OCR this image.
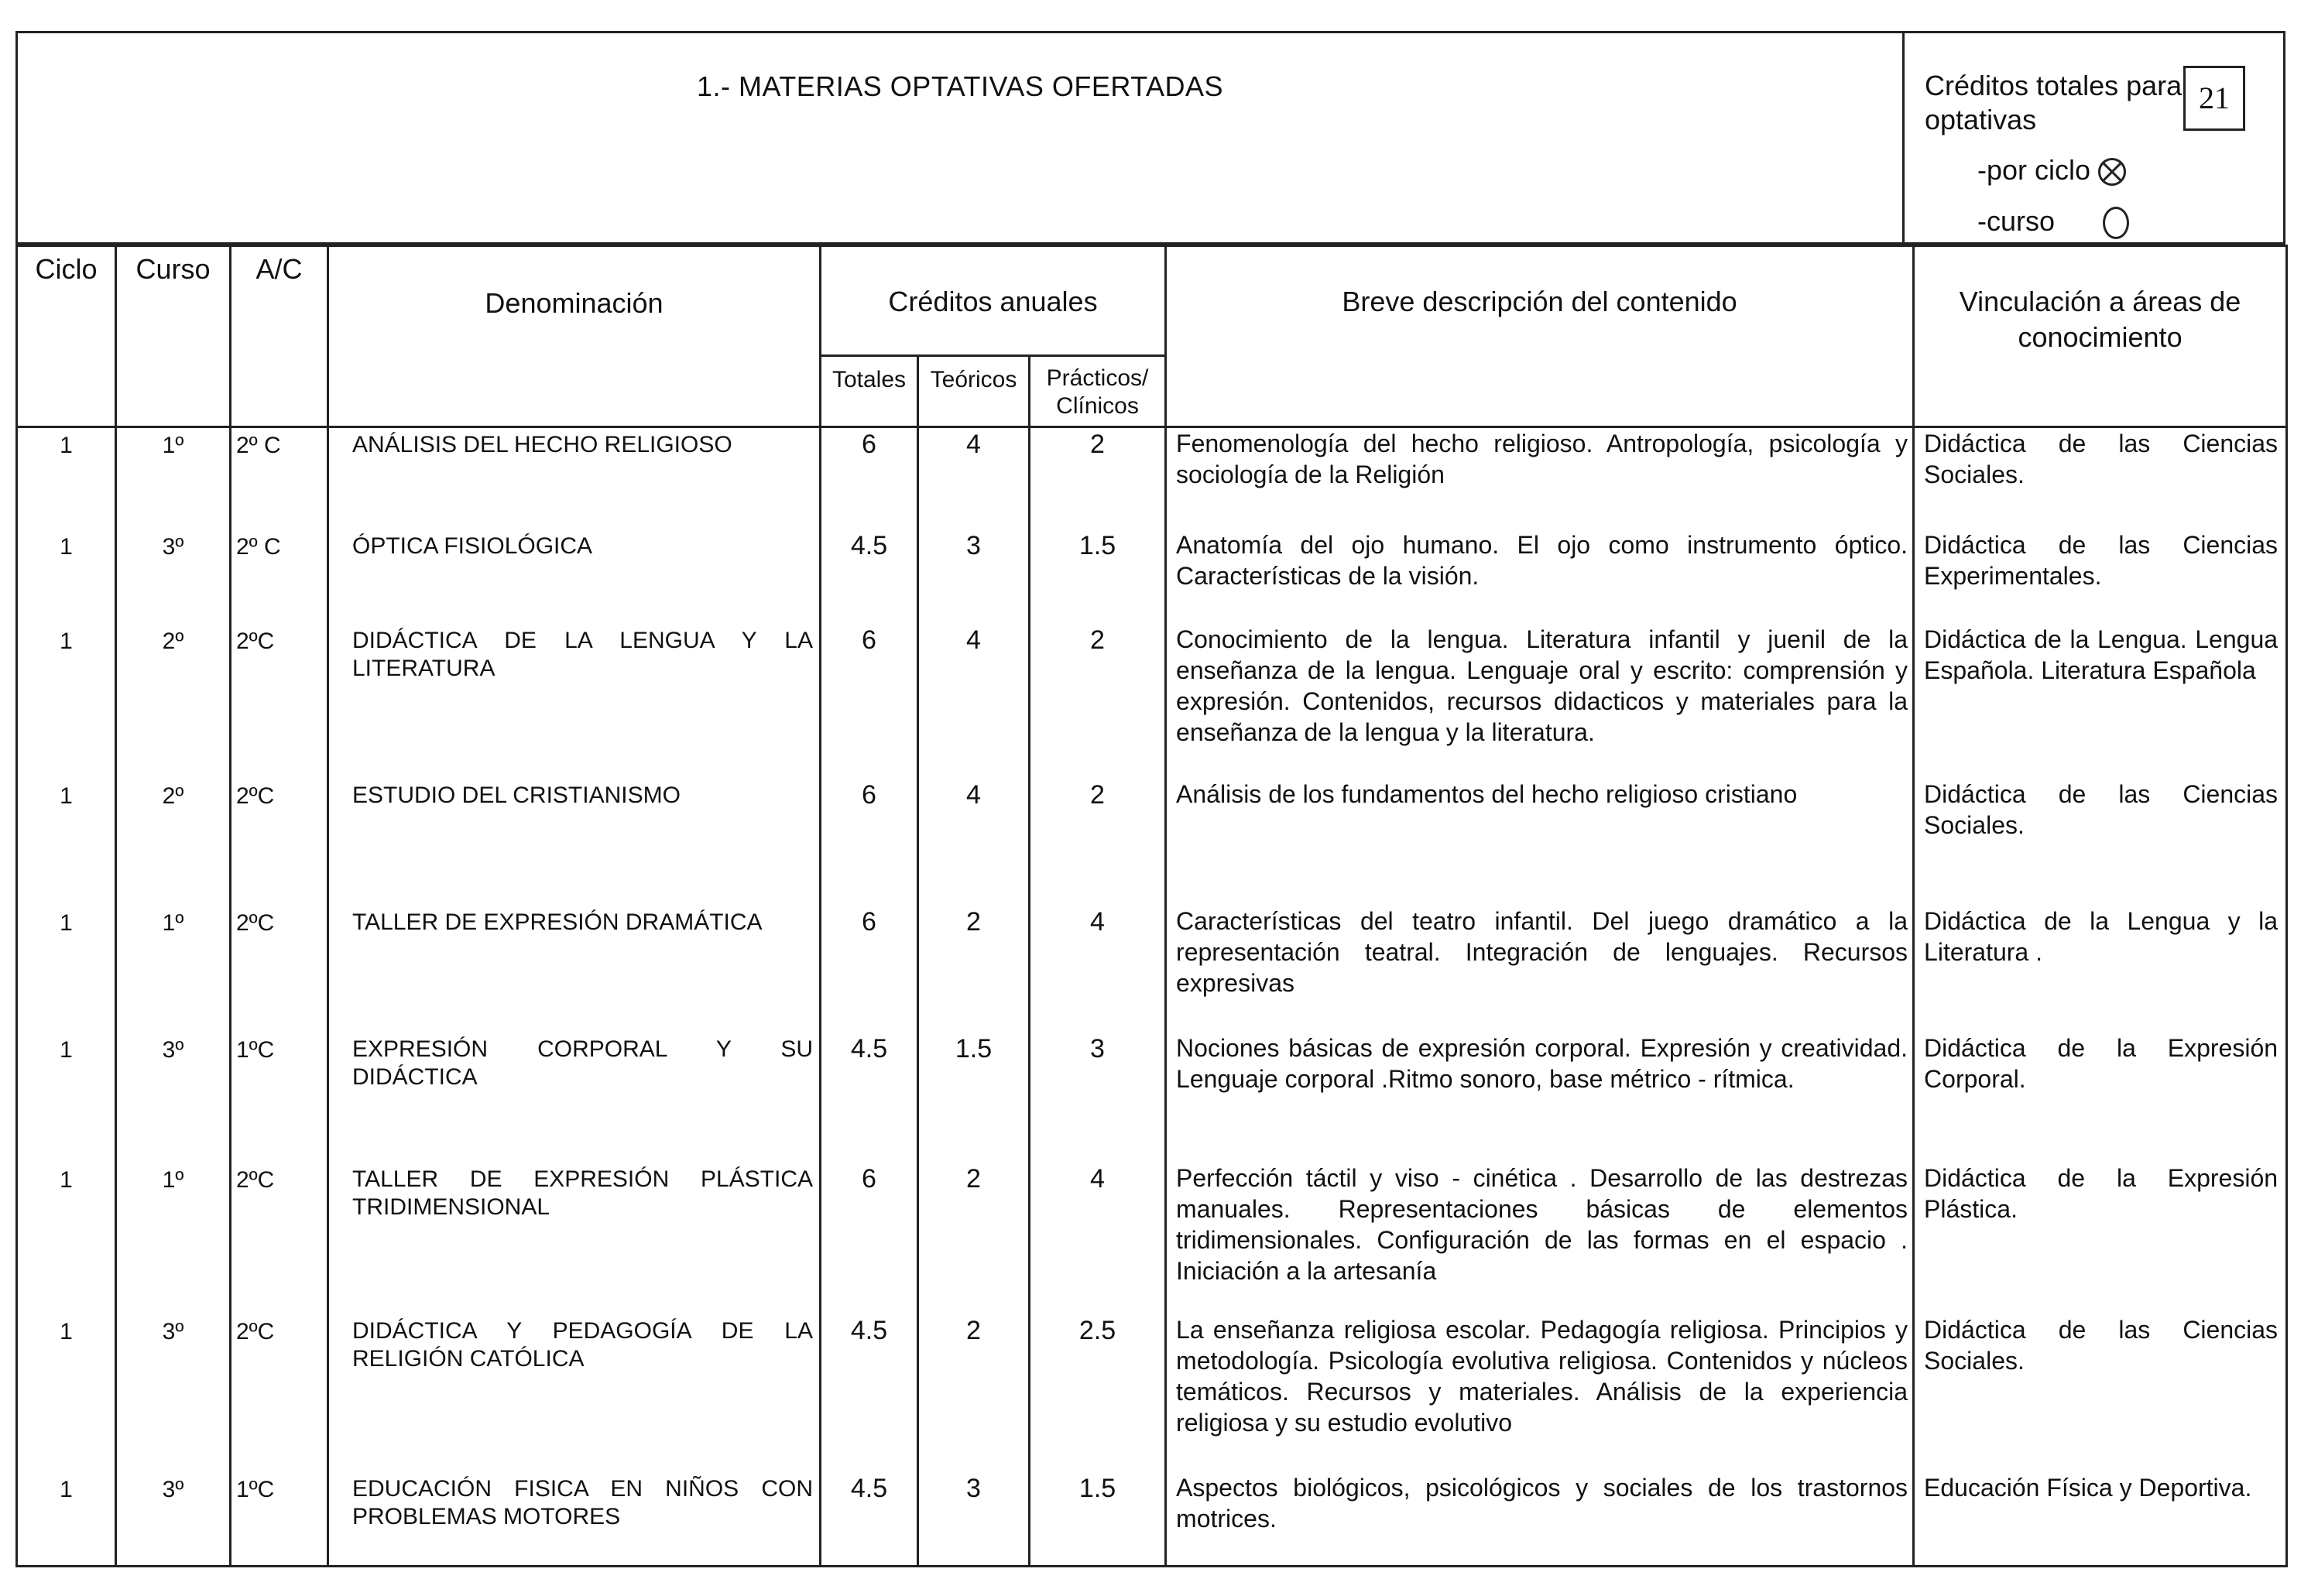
1.- MATERIAS OPTATIVAS OFERTADAS	Créditos totales para optativas
21
-por ciclo
-curso
Ciclo	Curso	A/C	Denominación	Créditos anuales			Breve descripción del contenido	Vinculación a áreas de conocimiento
				Totales	Teóricos	Prácticos/ Clínicos		
1	1º	2º C	ANÁLISIS DEL HECHO RELIGIOSO	6	4	2	Fenomenología del hecho religioso. Antropología, psicología y sociología de la Religión	Didáctica de las Ciencias Sociales.
1	3º	2º C	ÓPTICA FISIOLÓGICA	4.5	3	1.5	Anatomía del ojo humano. El ojo como instrumento óptico. Características de la visión.	Didáctica de las Ciencias Experimentales.
1	2º	2ºC	DIDÁCTICA DE LA LENGUA Y LA LITERATURA	6	4	2	Conocimiento de la lengua. Literatura infantil y juenil de la enseñanza de la lengua. Lenguaje oral y escrito: comprensión y expresión. Contenidos, recursos didacticos y materiales para la enseñanza de la lengua y la literatura.	Didáctica de la Lengua. Lengua Española. Literatura Española
1	2º	2ºC	ESTUDIO DEL CRISTIANISMO	6	4	2	Análisis de los fundamentos del hecho religioso cristiano	Didáctica de las Ciencias Sociales.
1	1º	2ºC	TALLER DE EXPRESIÓN DRAMÁTICA	6	2	4	Características del teatro infantil. Del juego dramático a la representación teatral. Integración de lenguajes. Recursos expresivas	Didáctica de la Lengua y la Literatura .
1	3º	1ºC	EXPRESIÓN CORPORAL Y SU DIDÁCTICA	4.5	1.5	3	Nociones básicas de expresión corporal. Expresión y creatividad. Lenguaje corporal .Ritmo sonoro, base métrico - rítmica.	Didáctica de la Expresión Corporal.
1	1º	2ºC	TALLER DE EXPRESIÓN PLÁSTICA TRIDIMENSIONAL	6	2	4	Perfección táctil y viso - cinética . Desarrollo de las destrezas manuales. Representaciones básicas de elementos tridimensionales. Configuración de las formas en el espacio . Iniciación a la artesanía	Didáctica de la Expresión Plástica.
1	3º	2ºC	DIDÁCTICA Y PEDAGOGÍA DE LA RELIGIÓN CATÓLICA	4.5	2	2.5	La enseñanza religiosa escolar. Pedagogía religiosa. Principios y metodología. Psicología evolutiva religiosa. Contenidos y núcleos temáticos. Recursos y materiales. Análisis de la experiencia religiosa y su estudio evolutivo	Didáctica de las Ciencias Sociales.
1	3º	1ºC	EDUCACIÓN FISICA EN NIÑOS CON PROBLEMAS MOTORES	4.5	3	1.5	Aspectos biológicos, psicológicos y sociales de los trastornos motrices.	Educación Física y Deportiva.
